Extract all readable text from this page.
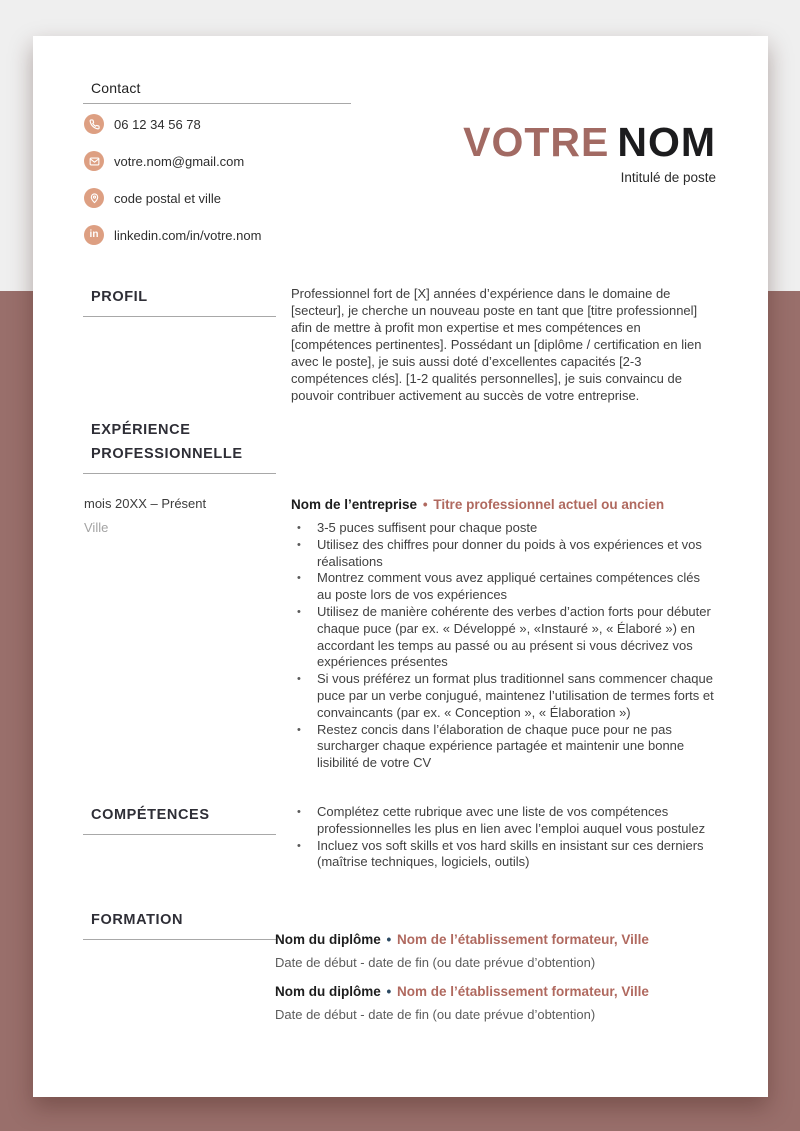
Contact
06 12 34 56 78
votre.nom@gmail.com
code postal et ville
in linkedin.com/in/votre.nom
VOTRE NOM
Intitulé de poste
PROFIL	Professionnel fort de [X] années d’expérience dans le domaine de [secteur], je cherche un nouveau poste en tant que [titre professionnel] afin de mettre à profit mon expertise et mes compétences en [compétences pertinentes]. Possédant un [diplôme / certification en lien avec le poste], je suis aussi doté d’excellentes capacités [2-3 compétences clés]. [1-2 qualités personnelles], je suis convaincu de pouvoir contribuer activement au succès de votre entreprise.
EXPÉRIENCE
PROFESSIONNELLE
mois 20XX – Présent
Ville
Nom de l’entreprise • Titre professionnel actuel ou ancien
• 3-5 puces suffisent pour chaque poste
• Utilisez des chiffres pour donner du poids à vos expériences et vos réalisations
• Montrez comment vous avez appliqué certaines compétences clés au poste lors de vos expériences
• Utilisez de manière cohérente des verbes d’action forts pour débuter chaque puce (par ex. « Développé », «Instauré », « Élaboré ») en accordant les temps au passé ou au présent si vous décrivez vos expériences présentes
• Si vous préférez un format plus traditionnel sans commencer chaque puce par un verbe conjugué, maintenez l’utilisation de termes forts et convaincants (par ex. « Conception », « Élaboration »)
• Restez concis dans l’élaboration de chaque puce pour ne pas surcharger chaque expérience partagée et maintenir une bonne lisibilité de votre CV
COMPÉTENCES	• Complétez cette rubrique avec une liste de vos compétences professionnelles les plus en lien avec l’emploi auquel vous postulez
• Incluez vos soft skills et vos hard skills en insistant sur ces derniers (maîtrise techniques, logiciels, outils)
FORMATION
Nom du diplôme • Nom de l’établissement formateur, Ville
Date de début - date de fin (ou date prévue d’obtention)
Nom du diplôme • Nom de l’établissement formateur, Ville
Date de début - date de fin (ou date prévue d’obtention)
